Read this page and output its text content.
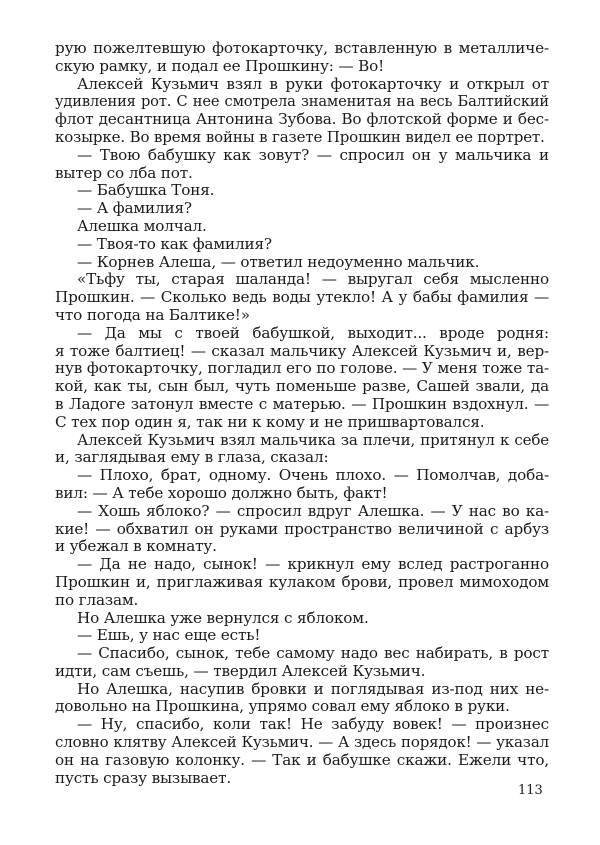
рую пожелтевшую фотокарточку, вставленную в металличе-
скую рамку, и подал ее Прошкину: — Во!
Алексей Кузьмич взял в руки фотокарточку и открыл от
удивления рот. С нее смотрела знаменитая на весь Балтийский
флот десантница Антонина Зубова. Во флотской форме и бес-
козырке. Во время войны в газете Прошкин видел ее портрет.
— Твою бабушку как зовут? — спросил он у мальчика и
вытер со лба пот.
— Бабушка Тоня.
— А фамилия?
Алешка молчал.
— Твоя-то как фамилия?
— Корнев Алеша, — ответил недоуменно мальчик.
«Тьфу ты, старая шаланда! — выругал себя мысленно
Прошкин. — Сколько ведь воды утекло! А у бабы фамилия —
что погода на Балтике!»
— Да мы с твоей бабушкой, выходит... вроде родня:
я тоже балтиец! — сказал мальчику Алексей Кузьмич и, вер-
нув фотокарточку, погладил его по голове. — У меня тоже та-
кой, как ты, сын был, чуть поменьше разве, Сашей звали, да
в Ладоге затонул вместе с матерью. — Прошкин вздохнул. —
С тех пор один я, так ни к кому и не пришвартовался.
Алексей Кузьмич взял мальчика за плечи, притянул к себе
и, заглядывая ему в глаза, сказал:
— Плохо, брат, одному. Очень плохо. — Помолчав, доба-
вил: — А тебе хорошо должно быть, факт!
— Хошь яблоко? — спросил вдруг Алешка. — У нас во ка-
кие! — обхватил он руками пространство величиной с арбуз
и убежал в комнату.
— Да не надо, сынок! — крикнул ему вслед растроганно
Прошкин и, приглаживая кулаком брови, провел мимоходом
по глазам.
Но Алешка уже вернулся с яблоком.
— Ешь, у нас еще есть!
— Спасибо, сынок, тебе самому надо вес набирать, в рост
идти, сам съешь, — твердил Алексей Кузьмич.
Но Алешка, насупив бровки и поглядывая из-под них не-
довольно на Прошкина, упрямо совал ему яблоко в руки.
— Ну, спасибо, коли так! Не забуду вовек! — произнес
словно клятву Алексей Кузьмич. — А здесь порядок! — указал
он на газовую колонку. — Так и бабушке скажи. Ежели что,
пусть сразу вызывает.
113
